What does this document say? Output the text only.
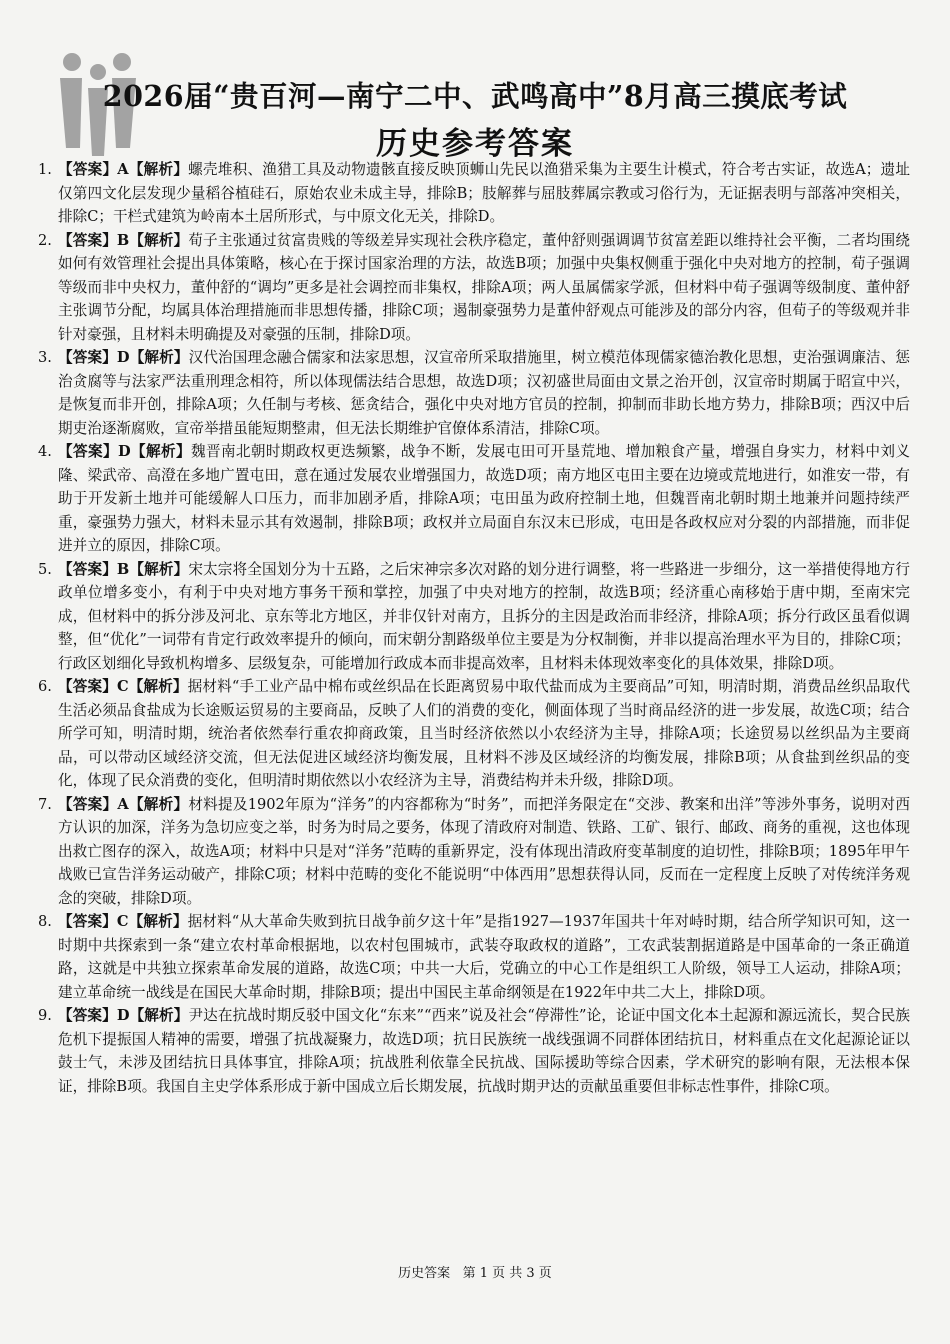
2026届“贵百河—南宁二中、武鸣高中”8月高三摸底考试
历史参考答案
1. 【答案】A【解析】螺壳堆积、渔猎工具及动物遗骸直接反映顶蛳山先民以渔猎采集为主要生计模式，符合考古实证，故选A；遗址仅第四文化层发现少量稻谷植硅石，原始农业未成主导，排除B；肢解葬与屈肢葬属宗教或习俗行为，无证据表明与部落冲突相关，排除C；干栏式建筑为岭南本土居所形式，与中原文化无关，排除D。
2. 【答案】B【解析】荀子主张通过贫富贵贱的等级差异实现社会秩序稳定，董仲舒则强调调节贫富差距以维持社会平衡，二者均围绕如何有效管理社会提出具体策略，核心在于探讨国家治理的方法，故选B项；加强中央集权侧重于强化中央对地方的控制，荀子强调等级而非中央权力，董仲舒的“调均”更多是社会调控而非集权，排除A项；两人虽属儒家学派，但材料中荀子强调等级制度、董仲舒主张调节分配，均属具体治理措施而非思想传播，排除C项；遏制豪强势力是董仲舒观点可能涉及的部分内容，但荀子的等级观并非针对豪强，且材料未明确提及对豪强的压制，排除D项。
3. 【答案】D【解析】汉代治国理念融合儒家和法家思想，汉宣帝所采取措施里，树立模范体现儒家德治教化思想，吏治强调廉洁、惩治贪腐等与法家严法重刑理念相符，所以体现儒法结合思想，故选D项；汉初盛世局面由文景之治开创，汉宣帝时期属于昭宣中兴，是恢复而非开创，排除A项；久任制与考核、惩贪结合，强化中央对地方官员的控制，抑制而非助长地方势力，排除B项；西汉中后期吏治逐渐腐败，宣帝举措虽能短期整肃，但无法长期维护官僚体系清洁，排除C项。
4. 【答案】D【解析】魏晋南北朝时期政权更迭频繁，战争不断，发展屯田可开垦荒地、增加粮食产量，增强自身实力，材料中刘义隆、梁武帝、高澄在多地广置屯田，意在通过发展农业增强国力，故选D项；南方地区屯田主要在边境或荒地进行，如淮安一带，有助于开发新土地并可能缓解人口压力，而非加剧矛盾，排除A项；屯田虽为政府控制土地，但魏晋南北朝时期土地兼并问题持续严重，豪强势力强大，材料未显示其有效遏制，排除B项；政权并立局面自东汉末已形成，屯田是各政权应对分裂的内部措施，而非促进并立的原因，排除C项。
5. 【答案】B【解析】宋太宗将全国划分为十五路，之后宋神宗多次对路的划分进行调整，将一些路进一步细分，这一举措使得地方行政单位增多变小，有利于中央对地方事务干预和掌控，加强了中央对地方的控制，故选B项；经济重心南移始于唐中期，至南宋完成，但材料中的拆分涉及河北、京东等北方地区，并非仅针对南方，且拆分的主因是政治而非经济，排除A项；拆分行政区虽看似调整，但“优化”一词带有肯定行政效率提升的倾向，而宋朝分割路级单位主要是为分权制衡，并非以提高治理水平为目的，排除C项；行政区划细化导致机构增多、层级复杂，可能增加行政成本而非提高效率，且材料未体现效率变化的具体效果，排除D项。
6. 【答案】C【解析】据材料“手工业产品中棉布或丝织品在长距离贸易中取代盐而成为主要商品”可知，明清时期，消费品丝织品取代生活必须品食盐成为长途贩运贸易的主要商品，反映了人们的消费的变化，侧面体现了当时商品经济的进一步发展，故选C项；结合所学可知，明清时期，统治者依然奉行重农抑商政策，且当时经济依然以小农经济为主导，排除A项；长途贸易以丝织品为主要商品，可以带动区域经济交流，但无法促进区域经济均衡发展，且材料不涉及区域经济的均衡发展，排除B项；从食盐到丝织品的变化，体现了民众消费的变化，但明清时期依然以小农经济为主导，消费结构并未升级，排除D项。
7. 【答案】A【解析】材料提及1902年原为“洋务”的内容都称为“时务”，而把洋务限定在“交涉、教案和出洋”等涉外事务，说明对西方认识的加深，洋务为急切应变之举，时务为时局之要务，体现了清政府对制造、铁路、工矿、银行、邮政、商务的重视，这也体现出救亡图存的深入，故选A项；材料中只是对“洋务”范畴的重新界定，没有体现出清政府变革制度的迫切性，排除B项；1895年甲午战败已宣告洋务运动破产，排除C项；材料中范畴的变化不能说明“中体西用”思想获得认同，反而在一定程度上反映了对传统洋务观念的突破，排除D项。
8. 【答案】C【解析】据材料“从大革命失败到抗日战争前夕这十年”是指1927—1937年国共十年对峙时期，结合所学知识可知，这一时期中共探索到一条“建立农村革命根据地，以农村包围城市，武装夺取政权的道路”，工农武装割据道路是中国革命的一条正确道路，这就是中共独立探索革命发展的道路，故选C项；中共一大后，党确立的中心工作是组织工人阶级，领导工人运动，排除A项；建立革命统一战线是在国民大革命时期，排除B项；提出中国民主革命纲领是在1922年中共二大上，排除D项。
9. 【答案】D【解析】尹达在抗战时期反驳中国文化“东来”“西来”说及社会“停滞性”论，论证中国文化本土起源和源远流长，契合民族危机下提振国人精神的需要，增强了抗战凝聚力，故选D项；抗日民族统一战线强调不同群体团结抗日，材料重点在文化起源论证以鼓士气，未涉及团结抗日具体事宜，排除A项；抗战胜利依靠全民抗战、国际援助等综合因素，学术研究的影响有限，无法根本保证，排除B项。我国自主史学体系形成于新中国成立后长期发展，抗战时期尹达的贡献虽重要但非标志性事件，排除C项。
历史答案 第 1 页 共 3 页
